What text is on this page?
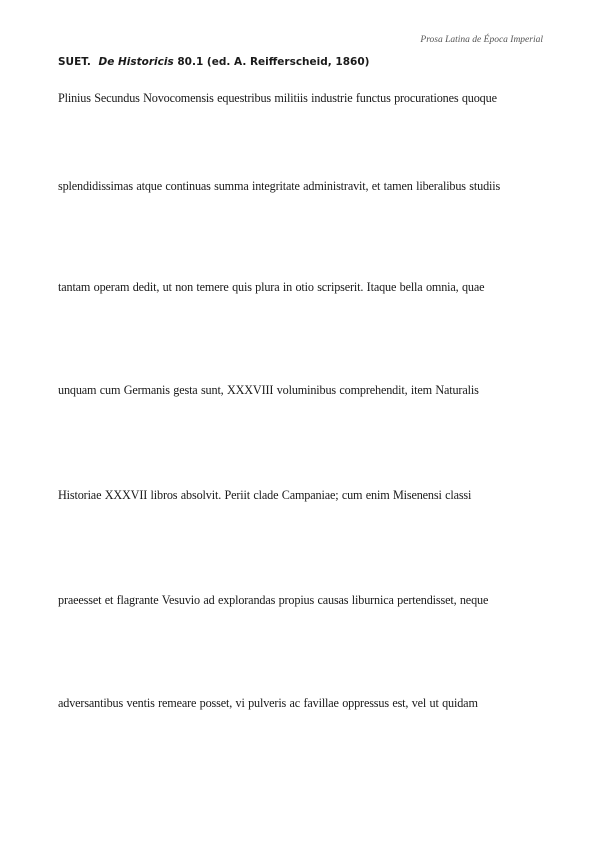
Prosa Latina de Época Imperial
SUET. De Historicis 80.1 (ed. A. Reifferscheid, 1860)
Plinius Secundus Novocomensis equestribus militiis industrie functus procurationes quoque
splendidissimas atque continuas summa integritate administravit, et tamen liberalibus studiis
tantam operam dedit, ut non temere quis plura in otio scripserit. Itaque bella omnia, quae
unquam cum Germanis gesta sunt, XXXVIII voluminibus comprehendit, item Naturalis
Historiae XXXVII libros absolvit. Periit clade Campaniae; cum enim Misenensi classi
praeesset et flagrante Vesuvio ad explorandas propius causas liburnica pertendisset, neque
adversantibus ventis remeare posset, vi pulveris ac favillae oppressus est, vel ut quidam
